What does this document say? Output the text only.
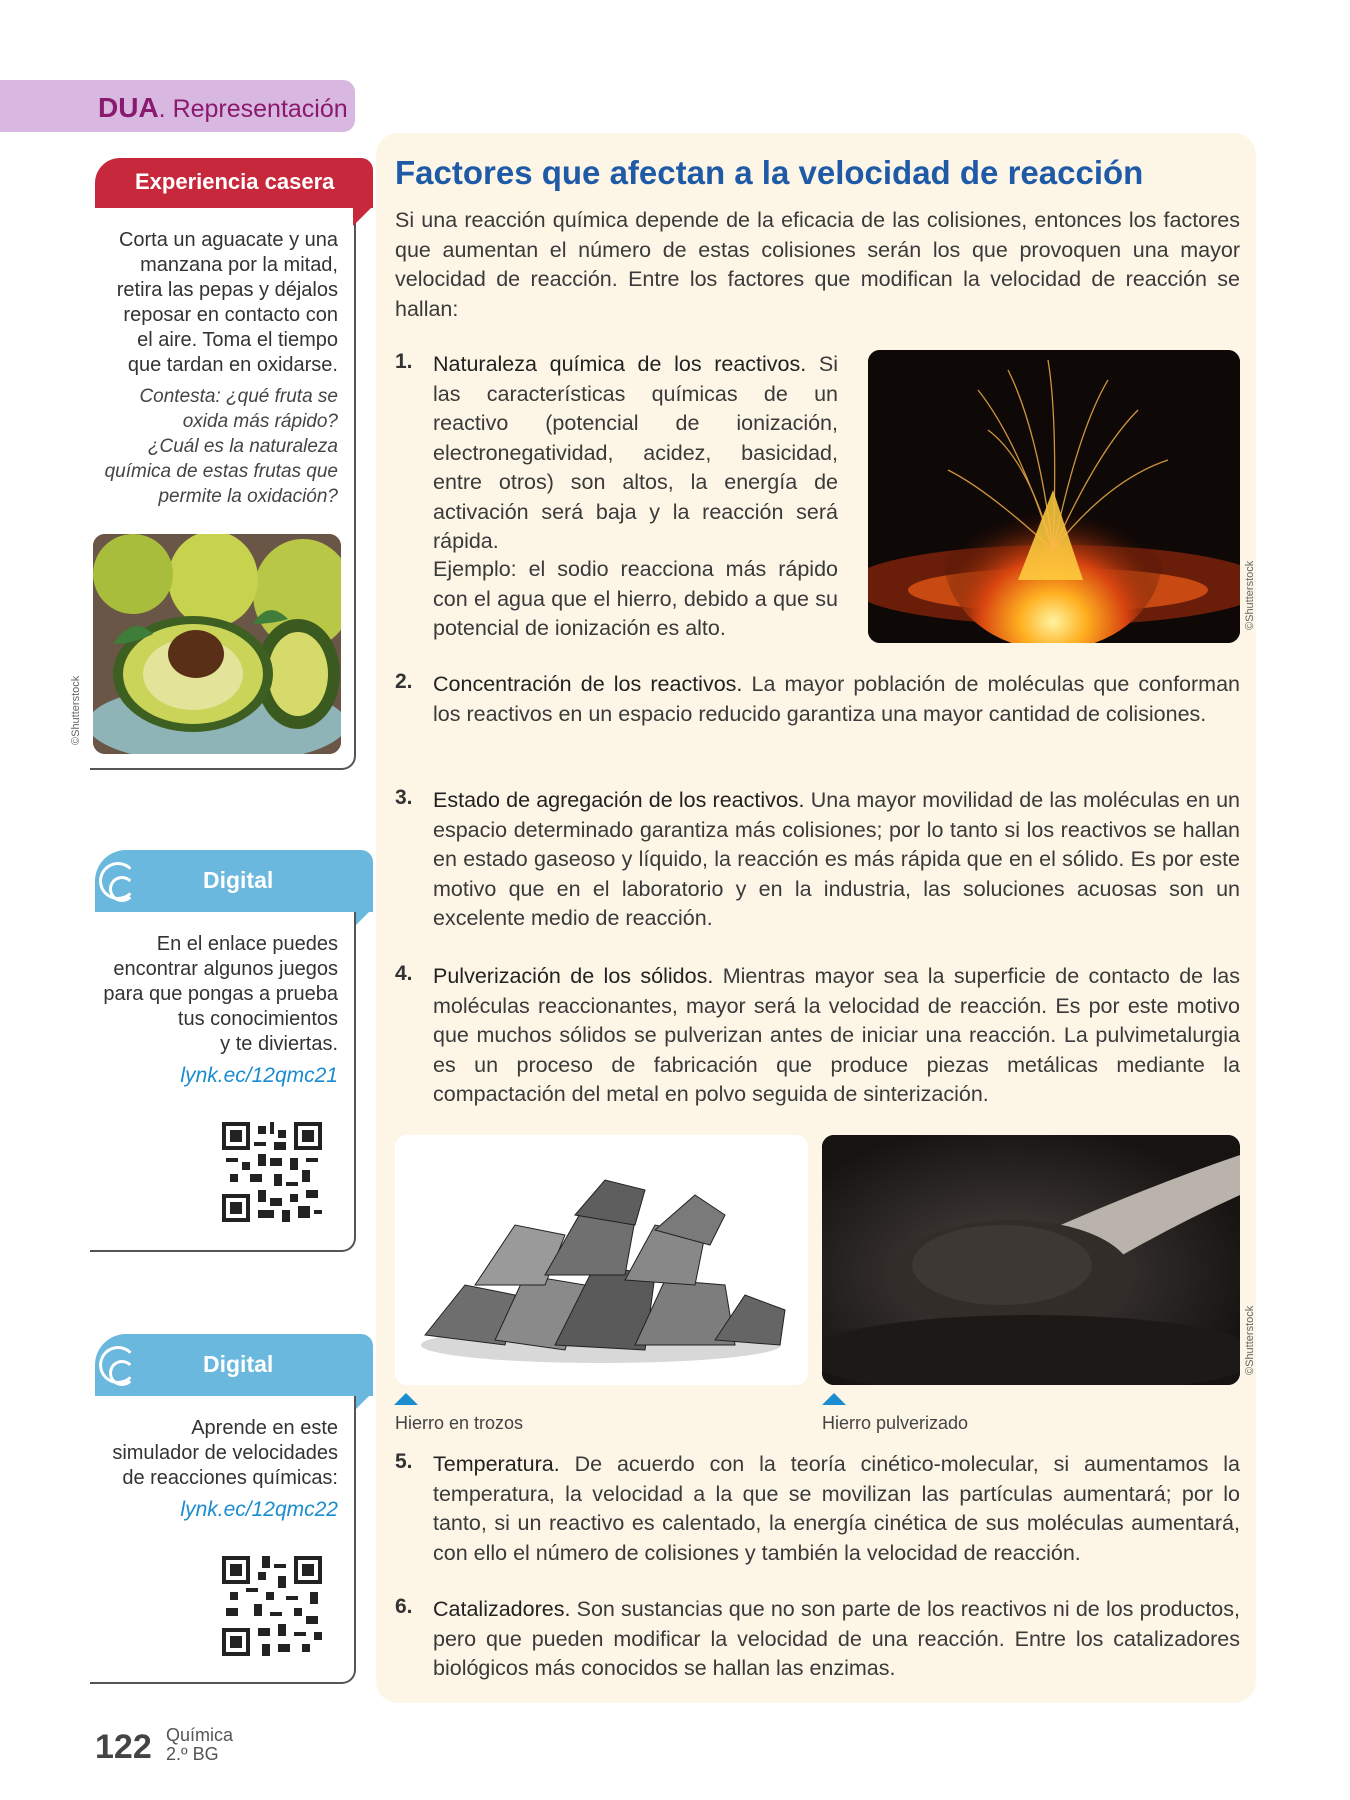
DUA. Representación
Experiencia casera
Corta un aguacate y una
manzana por la mitad,
retira las pepas y déjalos
reposar en contacto con
el aire. Toma el tiempo
que tardan en oxidarse.
Contesta: ¿qué fruta se
oxida más rápido?
¿Cuál es la naturaleza
química de estas frutas que
permite la oxidación?
©Shutterstock
Digital
En el enlace puedes
encontrar algunos juegos
para que pongas a prueba
tus conocimientos
y te diviertas.
lynk.ec/12qmc21
Digital
Aprende en este
simulador de velocidades
de reacciones químicas:
lynk.ec/12qmc22
Factores que afectan a la velocidad de reacción
Si una reacción química depende de la eficacia de las colisiones, entonces los factores que aumentan el número de estas colisiones serán los que provoquen una mayor velocidad de reacción. Entre los factores que modifican la velocidad de reacción se hallan:
1. Naturaleza química de los reactivos. Si las características químicas de un reactivo (potencial de ionización, electronegatividad, acidez, basicidad, entre otros) son altos, la energía de activación será baja y la reacción será rápida.
Ejemplo: el sodio reacciona más rápido con el agua que el hierro, debido a que su potencial de ionización es alto.	©Shutterstock
2. Concentración de los reactivos. La mayor población de moléculas que conforman los reactivos en un espacio reducido garantiza una mayor cantidad de colisiones.
3. Estado de agregación de los reactivos. Una mayor movilidad de las moléculas en un espacio determinado garantiza más colisiones; por lo tanto si los reactivos se hallan en estado gaseoso y líquido, la reacción es más rápida que en el sólido. Es por este motivo que en el laboratorio y en la industria, las soluciones acuosas son un excelente medio de reacción.
4. Pulverización de los sólidos. Mientras mayor sea la superficie de contacto de las moléculas reaccionantes, mayor será la velocidad de reacción. Es por este motivo que muchos sólidos se pulverizan antes de iniciar una reacción. La pulvimetalurgia es un proceso de fabricación que produce piezas metálicas mediante la compactación del metal en polvo seguida de sinterización.
©Shutterstock
Hierro en trozos	Hierro pulverizado
5. Temperatura. De acuerdo con la teoría cinético-molecular, si aumentamos la temperatura, la velocidad a la que se movilizan las partículas aumentará; por lo tanto, si un reactivo es calentado, la energía cinética de sus moléculas aumentará, con ello el número de colisiones y también la velocidad de reacción.
6. Catalizadores. Son sustancias que no son parte de los reactivos ni de los productos, pero que pueden modificar la velocidad de una reacción. Entre los catalizadores biológicos más conocidos se hallan las enzimas.
122 Química
2.º BG
